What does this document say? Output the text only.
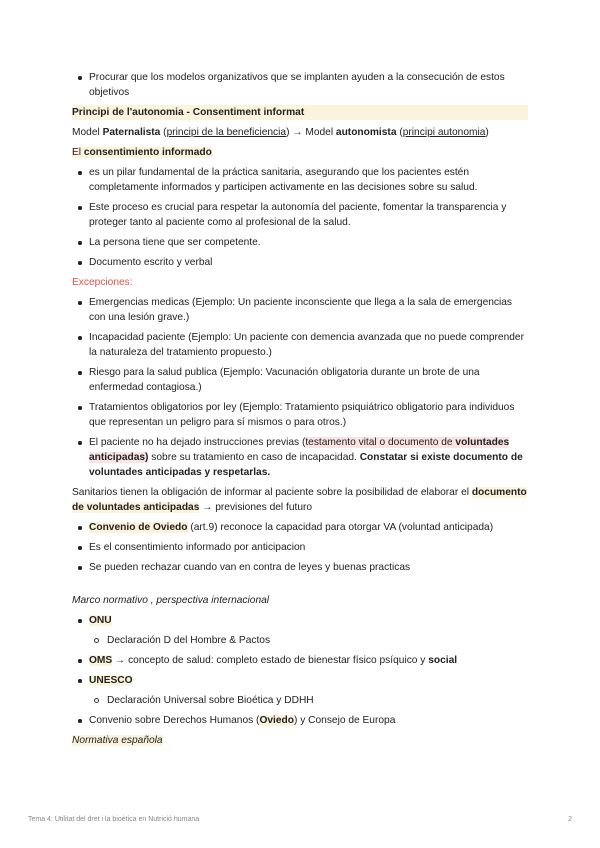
Procurar que los modelos organizativos que se implanten ayuden a la consecución de estos objetivos

Principi de l'autonomia - Consentiment informat

Model Paternalista (principi de la beneficiencia) → Model autonomista (principi autonomia)

El consentimiento informado

es un pilar fundamental de la práctica sanitaria, asegurando que los pacientes estén completamente informados y participen activamente en las decisiones sobre su salud.
Este proceso es crucial para respetar la autonomía del paciente, fomentar la transparencia y proteger tanto al paciente como al profesional de la salud.
La persona tiene que ser competente.
Documento escrito y verbal

Excepciones:

Emergencias medicas (Ejemplo: Un paciente inconsciente que llega a la sala de emergencias con una lesión grave.)
Incapacidad paciente (Ejemplo: Un paciente con demencia avanzada que no puede comprender la naturaleza del tratamiento propuesto.)
Riesgo para la salud publica (Ejemplo: Vacunación obligatoria durante un brote de una enfermedad contagiosa.)
Tratamientos obligatorios por ley (Ejemplo: Tratamiento psiquiátrico obligatorio para individuos que representan un peligro para sí mismos o para otros.)
El paciente no ha dejado instrucciones previas (testamento vital o documento de voluntades anticipadas) sobre su tratamiento en caso de incapacidad. Constatar si existe documento de voluntades anticipadas y respetarlas.

Sanitarios tienen la obligación de informar al paciente sobre la posibilidad de elaborar el documento de voluntades anticipadas → previsiones del futuro

Convenio de Oviedo (art.9) reconoce la capacidad para otorgar VA (voluntad anticipada)
Es el consentimiento informado por anticipacion
Se pueden rechazar cuando van en contra de leyes y buenas practicas

Marco normativo , perspectiva internacional

ONU
Declaración D del Hombre & Pactos
OMS → concepto de salud: completo estado de bienestar físico psíquico y social
UNESCO
Declaración Universal sobre Bioética y DDHH
Convenio sobre Derechos Humanos (Oviedo) y Consejo de Europa

Normativa española

Tema 4: Utilitat del dret i la bioètica en Nutrició humana	2
